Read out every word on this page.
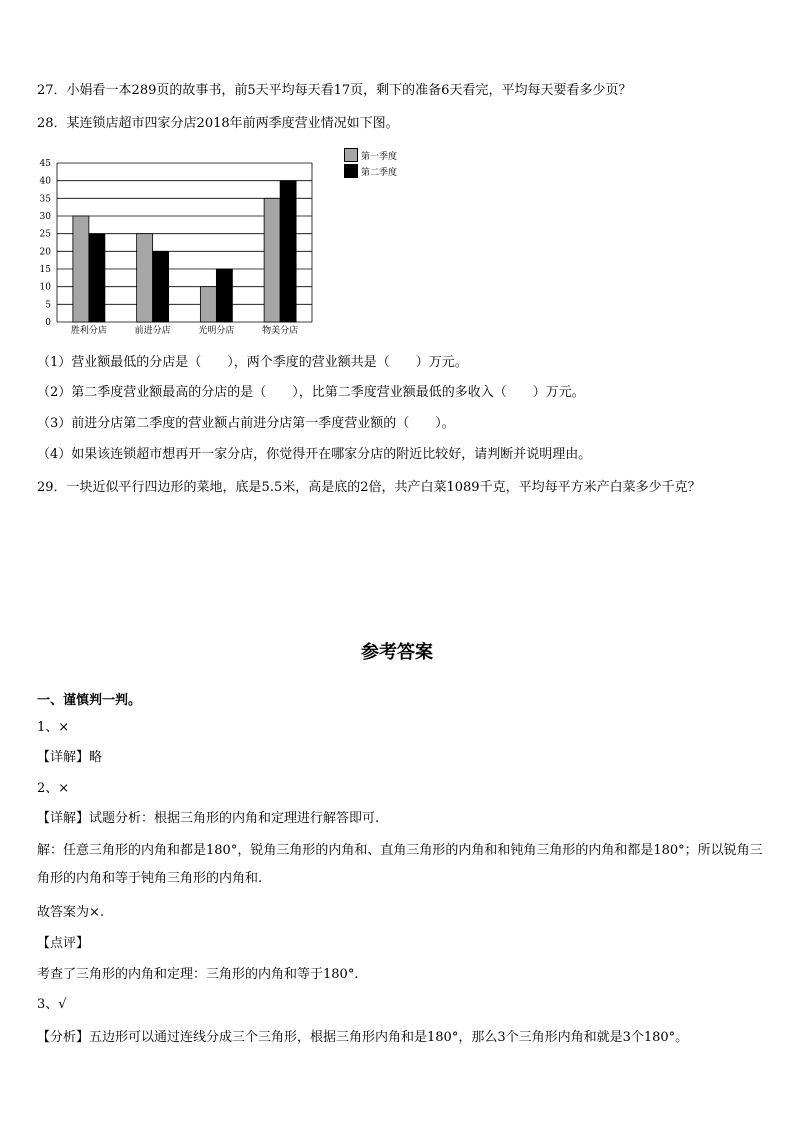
27．小娟看一本289页的故事书，前5天平均每天看17页，剩下的准备6天看完，平均每天要看多少页？
28．某连锁店超市四家分店2018年前两季度营业情况如下图。
0
5
10
15
20
25
30
35
40
45
胜利分店	前进分店	光明分店	物美分店
第一季度
第二季度
（1）营业额最低的分店是（　　），两个季度的营业额共是（　　）万元。
（2）第二季度营业额最高的分店的是（　　），比第二季度营业额最低的多收入（　　）万元。
（3）前进分店第二季度的营业额占前进分店第一季度营业额的（　　）。
（4）如果该连锁超市想再开一家分店，你觉得开在哪家分店的附近比较好，请判断并说明理由。
29．一块近似平行四边形的菜地，底是5.5米，高是底的2倍，共产白菜1089千克，平均每平方米产白菜多少千克？
参考答案
一、谨慎判一判。
1、×
【详解】略
2、×
【详解】试题分析：根据三角形的内角和定理进行解答即可.
解：任意三角形的内角和都是180°，锐角三角形的内角和、直角三角形的内角和和钝角三角形的内角和都是180°；所以锐角三角形的内角和等于钝角三角形的内角和.
故答案为×.
【点评】
考查了三角形的内角和定理：三角形的内角和等于180°.
3、√
【分析】五边形可以通过连线分成三个三角形，根据三角形内角和是180°，那么3个三角形内角和就是3个180°。
